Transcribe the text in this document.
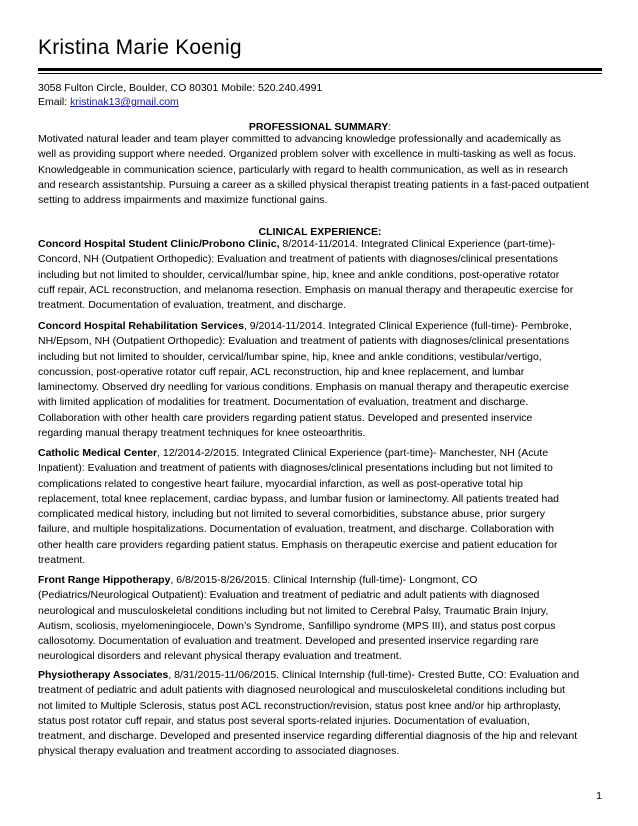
Kristina Marie Koenig
3058 Fulton Circle, Boulder, CO 80301 Mobile: 520.240.4991
Email: kristinak13@gmail.com
PROFESSIONAL SUMMARY:
Motivated natural leader and team player committed to advancing knowledge professionally and academically as
well as providing support where needed. Organized problem solver with excellence in multi-tasking as well as focus.
Knowledgeable in communication science, particularly with regard to health communication, as well as in research
and research assistantship. Pursuing a career as a skilled physical therapist treating patients in a fast-paced outpatient
setting to address impairments and maximize functional gains.
CLINICAL EXPERIENCE:
Concord Hospital Student Clinic/Probono Clinic, 8/2014-11/2014. Integrated Clinical Experience (part-time)-
Concord, NH (Outpatient Orthopedic): Evaluation and treatment of patients with diagnoses/clinical presentations
including but not limited to shoulder, cervical/lumbar spine, hip, knee and ankle conditions, post-operative rotator
cuff repair, ACL reconstruction, and melanoma resection. Emphasis on manual therapy and therapeutic exercise for
treatment. Documentation of evaluation, treatment, and discharge.
Concord Hospital Rehabilitation Services, 9/2014-11/2014. Integrated Clinical Experience (full-time)- Pembroke,
NH/Epsom, NH (Outpatient Orthopedic): Evaluation and treatment of patients with diagnoses/clinical presentations
including but not limited to shoulder, cervical/lumbar spine, hip, knee and ankle conditions, vestibular/vertigo,
concussion, post-operative rotator cuff repair, ACL reconstruction, hip and knee replacement, and lumbar
laminectomy. Observed dry needling for various conditions. Emphasis on manual therapy and therapeutic exercise
with limited application of modalities for treatment. Documentation of evaluation, treatment and discharge.
Collaboration with other health care providers regarding patient status. Developed and presented inservice
regarding manual therapy treatment techniques for knee osteoarthritis.
Catholic Medical Center, 12/2014-2/2015. Integrated Clinical Experience (part-time)- Manchester, NH (Acute
Inpatient): Evaluation and treatment of patients with diagnoses/clinical presentations including but not limited to
complications related to congestive heart failure, myocardial infarction, as well as post-operative total hip
replacement, total knee replacement, cardiac bypass, and lumbar fusion or laminectomy. All patients treated had
complicated medical history, including but not limited to several comorbidities, substance abuse, prior surgery
failure, and multiple hospitalizations. Documentation of evaluation, treatment, and discharge. Collaboration with
other health care providers regarding patient status. Emphasis on therapeutic exercise and patient education for
treatment.
Front Range Hippotherapy, 6/8/2015-8/26/2015. Clinical Internship (full-time)- Longmont, CO
(Pediatrics/Neurological Outpatient): Evaluation and treatment of pediatric and adult patients with diagnosed
neurological and musculoskeletal conditions including but not limited to Cerebral Palsy, Traumatic Brain Injury,
Autism, scoliosis, myelomeningiocele, Down’s Syndrome, Sanfillipo syndrome (MPS III), and status post corpus
callosotomy. Documentation of evaluation and treatment. Developed and presented inservice regarding rare
neurological disorders and relevant physical therapy evaluation and treatment.
Physiotherapy Associates, 8/31/2015-11/06/2015. Clinical Internship (full-time)- Crested Butte, CO: Evaluation and
treatment of pediatric and adult patients with diagnosed neurological and musculoskeletal conditions including but
not limited to Multiple Sclerosis, status post ACL reconstruction/revision, status post knee and/or hip arthroplasty,
status post rotator cuff repair, and status post several sports-related injuries. Documentation of evaluation,
treatment, and discharge. Developed and presented inservice regarding differential diagnosis of the hip and relevant
physical therapy evaluation and treatment according to associated diagnoses.
1
